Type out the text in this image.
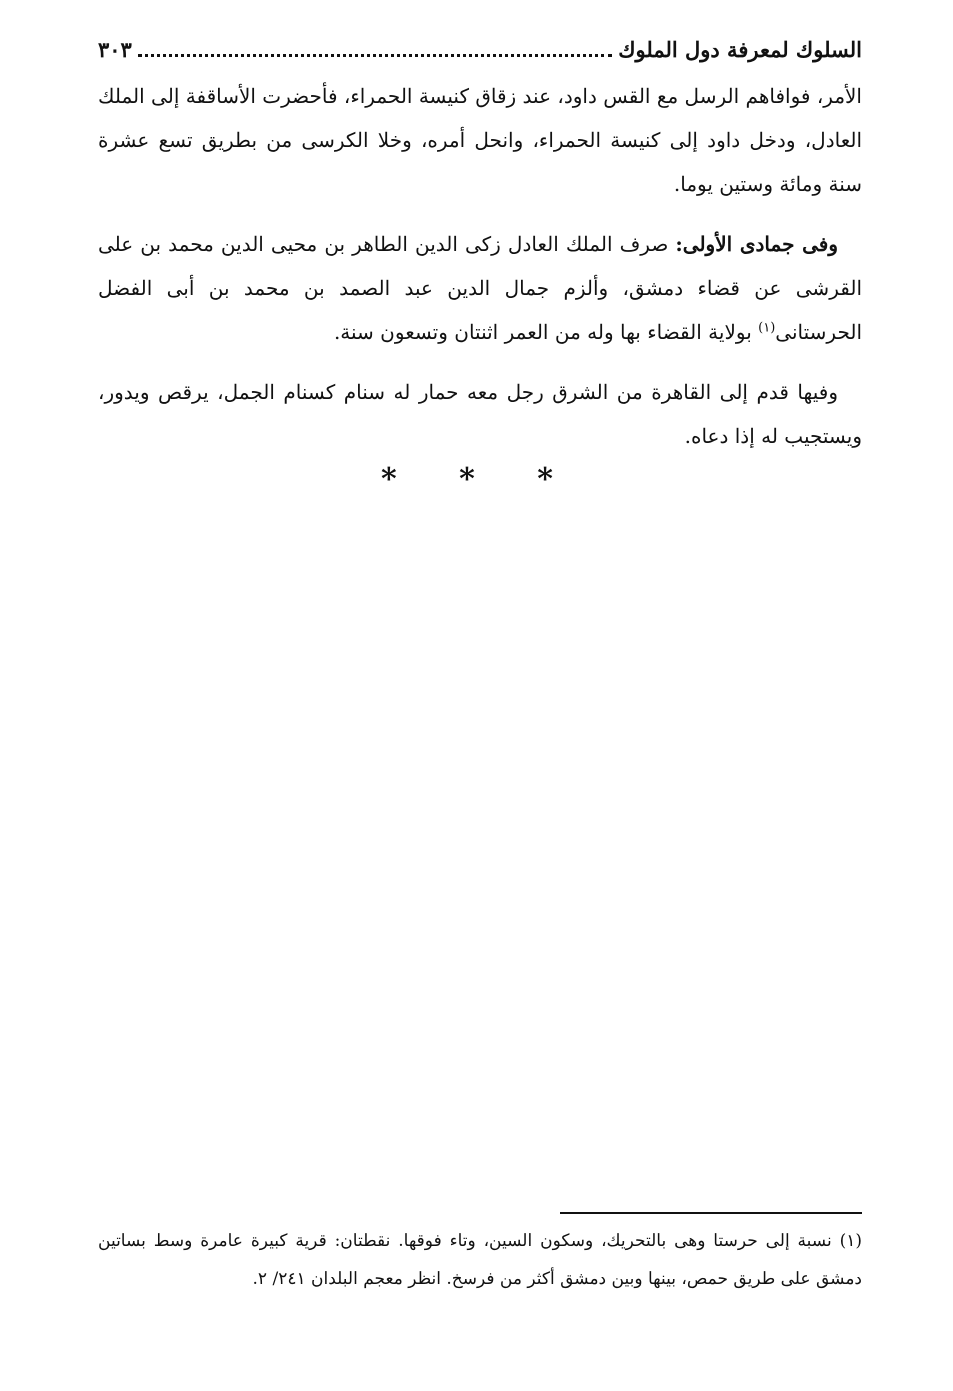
السلوك لمعرفة دول الملوك
٣٠٣

الأمر، فوافاهم الرسل مع القس داود، عند زقاق كنيسة الحمراء، فأحضرت الأساقفة إلى الملك العادل، ودخل داود إلى كنيسة الحمراء، وانحل أمره، وخلا الكرسى من بطريق تسع عشرة سنة ومائة وستين يوما.

وفى جمادى الأولى: صرف الملك العادل زكى الدين الطاهر بن محيى الدين محمد بن على القرشى عن قضاء دمشق، وألزم جمال الدين عبد الصمد بن محمد بن أبى الفضل الحرستانى$^{(١)}$ بولاية القضاء بها وله من العمر اثنتان وتسعون سنة.

وفيها قدم إلى القاهرة من الشرق رجل معه حمار له سنام كسنام الجمل، يرقص ويدور، ويستجيب له إذا دعاه.

* * *
(١) نسبة إلى حرستا وهى بالتحريك، وسكون السين، وتاء فوقها. نقطتان: قرية كبيرة عامرة وسط بساتين دمشق على طريق حمص، بينها وبين دمشق أكثر من فرسخ. انظر معجم البلدان ٢٤١/ ٢.
